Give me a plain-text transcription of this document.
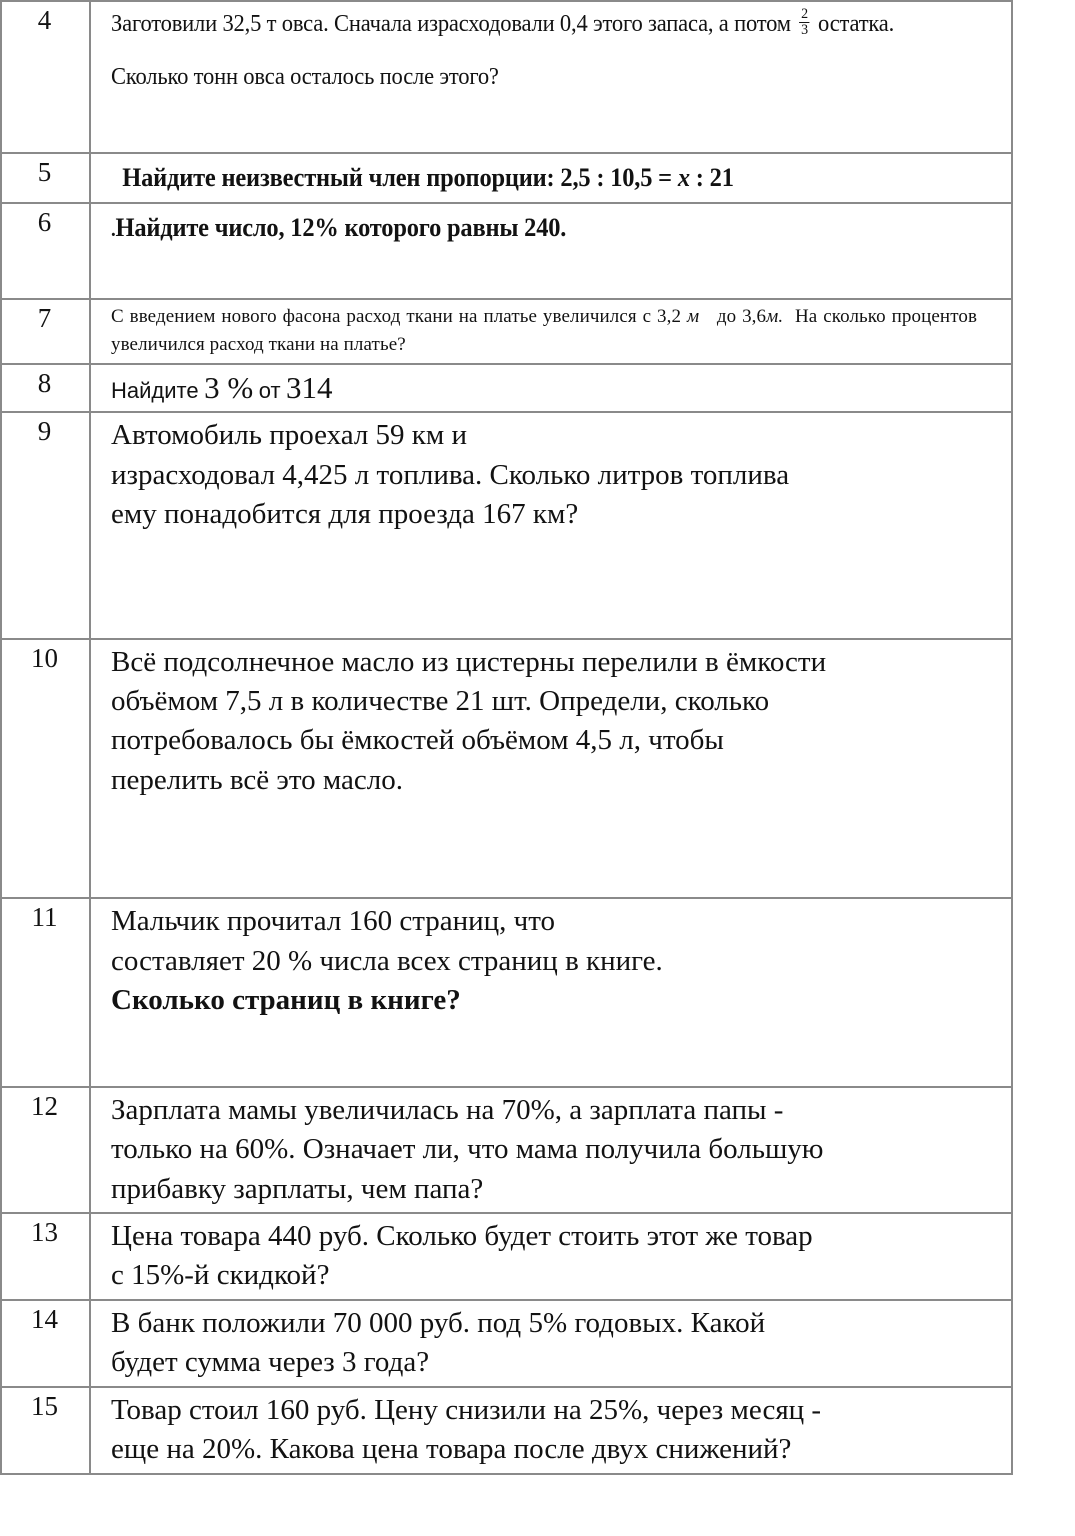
4	Заготовили 32,5 т овса. Сначала израсходовали 0,4 этого запаса, а потом $\frac{2}{3}$ остатка.
Сколько тонн овса осталось после этого?

5	Найдите неизвестный член пропорции: 2,5 : 10,5 = x : 21

6	.Найдите число, 12% которого равны 240.

7	С введением нового фасона расход ткани на платье увеличился с 3,2 м до 3,6м. На сколько процентов увеличился расход ткани на платье?

8	Найдите 3 % от 314

9	Автомобиль проехал 59 км и
израсходовал 4,425 л топлива. Сколько литров топлива
ему понадобится для проезда 167 км?

10	Всё подсолнечное масло из цистерны перелили в ёмкости
объёмом 7,5 л в количестве 21 шт. Определи, сколько
потребовалось бы ёмкостей объёмом 4,5 л, чтобы
перелить всё это масло.

11	Мальчик прочитал 160 страниц, что
составляет 20 % числа всех страниц в книге.
Сколько страниц в книге?

12	Зарплата мамы увеличилась на 70%, а зарплата папы -
только на 60%. Означает ли, что мама получила большую
прибавку зарплаты, чем папа?

13	Цена товара 440 руб. Сколько будет стоить этот же товар
с 15%-й скидкой?

14	В банк положили 70 000 руб. под 5% годовых. Какой
будет сумма через 3 года?

15	Товар стоил 160 руб. Цену снизили на 25%, через месяц -
еще на 20%. Какова цена товара после двух снижений?
